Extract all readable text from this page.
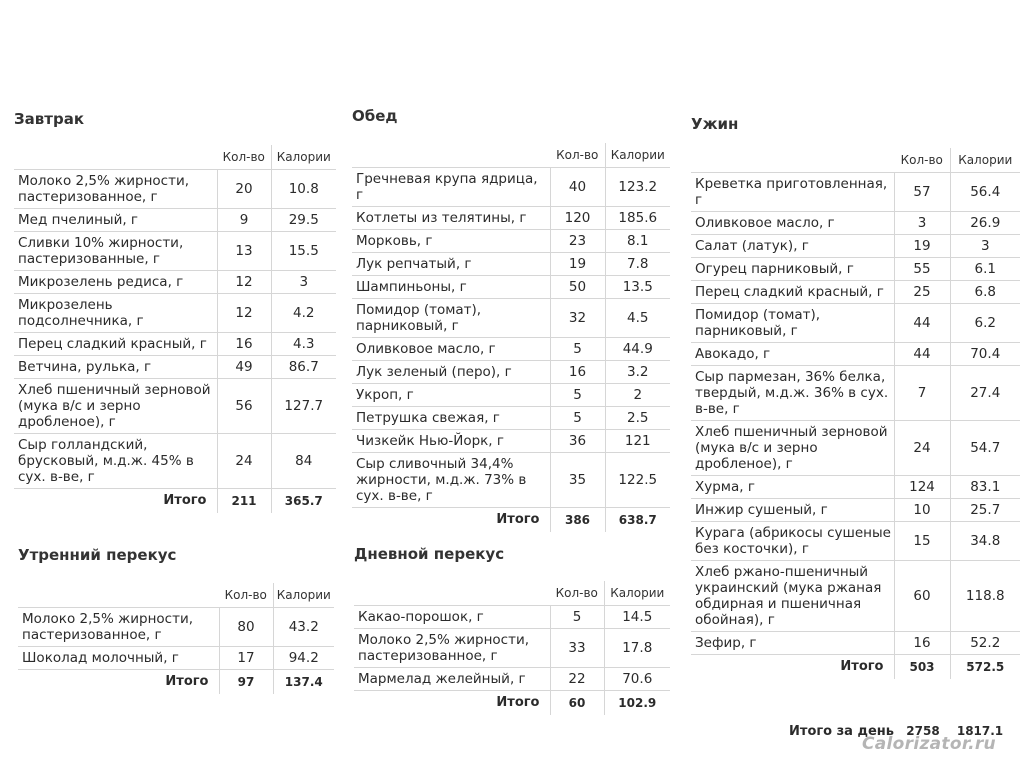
Завтрак
	Кол-во	Калории
Молоко 2,5% жирности, пастеризованное, г	20	10.8
Мед пчелиный, г	9	29.5
Сливки 10% жирности, пастеризованные, г	13	15.5
Микрозелень редиса, г	12	3
Микрозелень подсолнечника, г	12	4.2
Перец сладкий красный, г	16	4.3
Ветчина, рулька, г	49	86.7
Хлеб пшеничный зерновой (мука в/с и зерно дробленое), г	56	127.7
Сыр голландский, брусковый, м.д.ж. 45% в сух. в-ве, г	24	84
Итого	211	365.7
Утренний перекус
	Кол-во	Калории
Молоко 2,5% жирности, пастеризованное, г	80	43.2
Шоколад молочный, г	17	94.2
Итого	97	137.4
Обед
	Кол-во	Калории
Гречневая крупа ядрица, г	40	123.2
Котлеты из телятины, г	120	185.6
Морковь, г	23	8.1
Лук репчатый, г	19	7.8
Шампиньоны, г	50	13.5
Помидор (томат), парниковый, г	32	4.5
Оливковое масло, г	5	44.9
Лук зеленый (перо), г	16	3.2
Укроп, г	5	2
Петрушка свежая, г	5	2.5
Чизкейк Нью-Йорк, г	36	121
Сыр сливочный 34,4% жирности, м.д.ж. 73% в сух. в-ве, г	35	122.5
Итого	386	638.7
Дневной перекус
	Кол-во	Калории
Какао-порошок, г	5	14.5
Молоко 2,5% жирности, пастеризованное, г	33	17.8
Мармелад желейный, г	22	70.6
Итого	60	102.9
Ужин
	Кол-во	Калории
Креветка приготовленная, г	57	56.4
Оливковое масло, г	3	26.9
Салат (латук), г	19	3
Огурец парниковый, г	55	6.1
Перец сладкий красный, г	25	6.8
Помидор (томат), парниковый, г	44	6.2
Авокадо, г	44	70.4
Сыр пармезан, 36% белка, твердый, м.д.ж. 36% в сух. в-ве, г	7	27.4
Хлеб пшеничный зерновой (мука в/с и зерно дробленое), г	24	54.7
Хурма, г	124	83.1
Инжир сушеный, г	10	25.7
Курага (абрикосы сушеные без косточки), г	15	34.8
Хлеб ржано-пшеничный украинский (мука ржаная обдирная и пшеничная обойная), г	60	118.8
Зефир, г	16	52.2
Итого	503	572.5
Итого за день	2758	1817.1
Calorizator.ru
